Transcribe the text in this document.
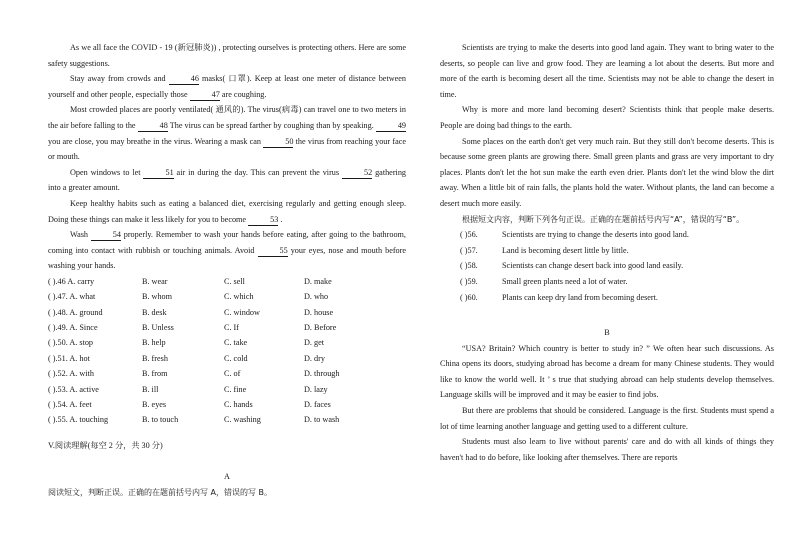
As we all face the COVID - 19 (新冠肺炎)) , protecting ourselves is protecting others. Here are some safety suggestions.

Stay away from crowds and	46 masks( 口罩). Keep at least one meter of distance between yourself and other people, especially those	47 are coughing.

Most crowded places are poorly ventilated( 通风的). The virus(病毒) can travel one to two meters in the air before falling to the	48 The virus can be spread farther by coughing than by speaking.	49 you are close, you may breathe in the virus. Wearing a mask can	50 the virus from reaching your face or mouth.

Open windows to let	51 air in during the day. This can prevent the virus	52 gathering into a greater amount.

Keep healthy habits such as eating a balanced diet, exercising regularly and getting enough sleep. Doing these things can make it less likely for you to become	53 .

Wash	54 properly. Remember to wash your hands before eating, after going to the bathroom, coming into contact with rubbish or touching animals. Avoid	55 your eyes, nose and mouth before washing your hands.

( ).46 A. carry	B. wear	C. sell	D. make
( ).47. A. what	B. whom	C. which	D. who
( ).48. A. ground	B. desk	C. window	D. house
( ).49. A. Since	B. Unless	C. If	D. Before
( ).50. A. stop	B. help	C. take	D. get
( ).51. A. hot	B. fresh	C. cold	D. dry
( ).52. A. with	B. from	C. of	D. through
( ).53. A. active	B. ill	C. fine	D. lazy
( ).54. A. feet	B. eyes	C. hands	D. faces
( ).55. A. touching	B. to touch	C. washing	D. to wash
V.阅读理解(每空 2 分，共 30 分)
A
阅读短文，判断正误。正确的在题前括号内写 A，错误的写 B。

Scientists are trying to make the deserts into good land again. They want to bring water to the deserts, so people can live and grow food. They are learning a lot about the deserts. But more and more of the earth is becoming desert all the time. Scientists may not be able to change the desert in time.

Why is more and more land becoming desert? Scientists think that people make deserts. People are doing bad things to the earth.

Some places on the earth don't get very much rain. But they still don't become deserts. This is because some green plants are growing there. Small green plants and grass are very important to dry places. Plants don't let the hot sun make the earth even drier. Plants don't let the wind blow the dirt away. When a little bit of rain falls, the plants hold the water. Without plants, the land can become a desert much more easily.

根据短文内容，判断下列各句正误。正确的在题前括号内写“A”，错误的写“B”。

( )56.	Scientists are trying to change the deserts into good land.
( )57.	Land is becoming desert little by little.
( )58.	Scientists can change desert back into good land easily.
( )59.	Small green plants need a lot of water.
( )60.	Plants can keep dry land from becoming desert.
B

“USA? Britain? Which country is better to study in? ” We often hear such discussions. As China opens its doors, studying abroad has become a dream for many Chinese students. They would like to know the world well. It ’ s true that studying abroad can help students develop themselves. Language skills will be improved and it may be easier to find jobs.

But there are problems that should be considered. Language is the first. Students must spend a lot of time learning another language and getting used to a different culture.

Students must also learn to live without parents' care and do with all kinds of things they haven't had to do before, like looking after themselves. There are reports
